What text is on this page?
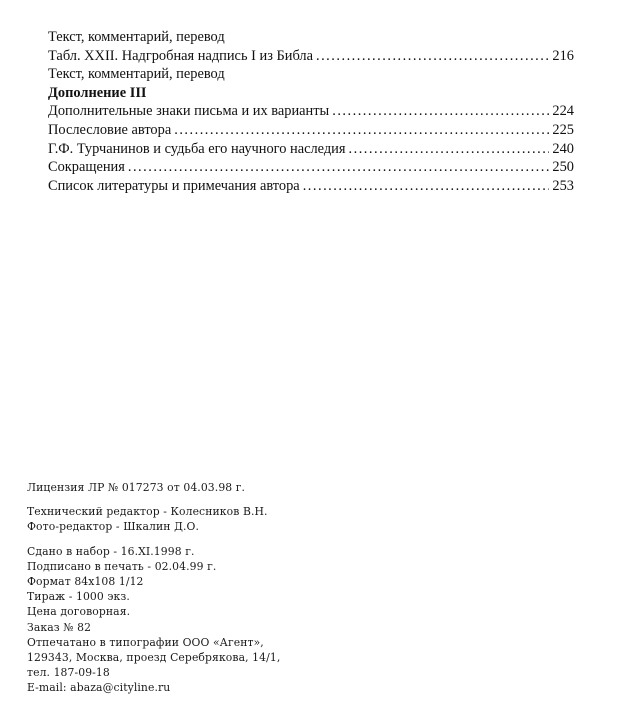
Текст, комментарий, перевод
Табл. XXII. Надгробная надпись I из Библа .....	216
Текст, комментарий, перевод
Дополнение III
Дополнительные знаки письма и их варианты .....	224
Послесловие автора .....	225
Г.Ф. Турчанинов и судьба его научного наследия .....	240
Сокращения .....	250
Список литературы и примечания автора .....	253
Лицензия ЛР № 017273 от 04.03.98 г.
Технический редактор - Колесников В.Н.
Фото-редактор - Шкалин Д.О.
Сдано в набор - 16.XI.1998 г.
Подписано в печать - 02.04.99 г.
Формат 84х108 1/12
Тираж - 1000 экз.
Цена договорная.
Заказ № 82
Отпечатано в типографии ООО «Агент»,
129343, Москва, проезд Серебрякова, 14/1,
тел. 187-09-18
E-mail: abaza@cityline.ru
